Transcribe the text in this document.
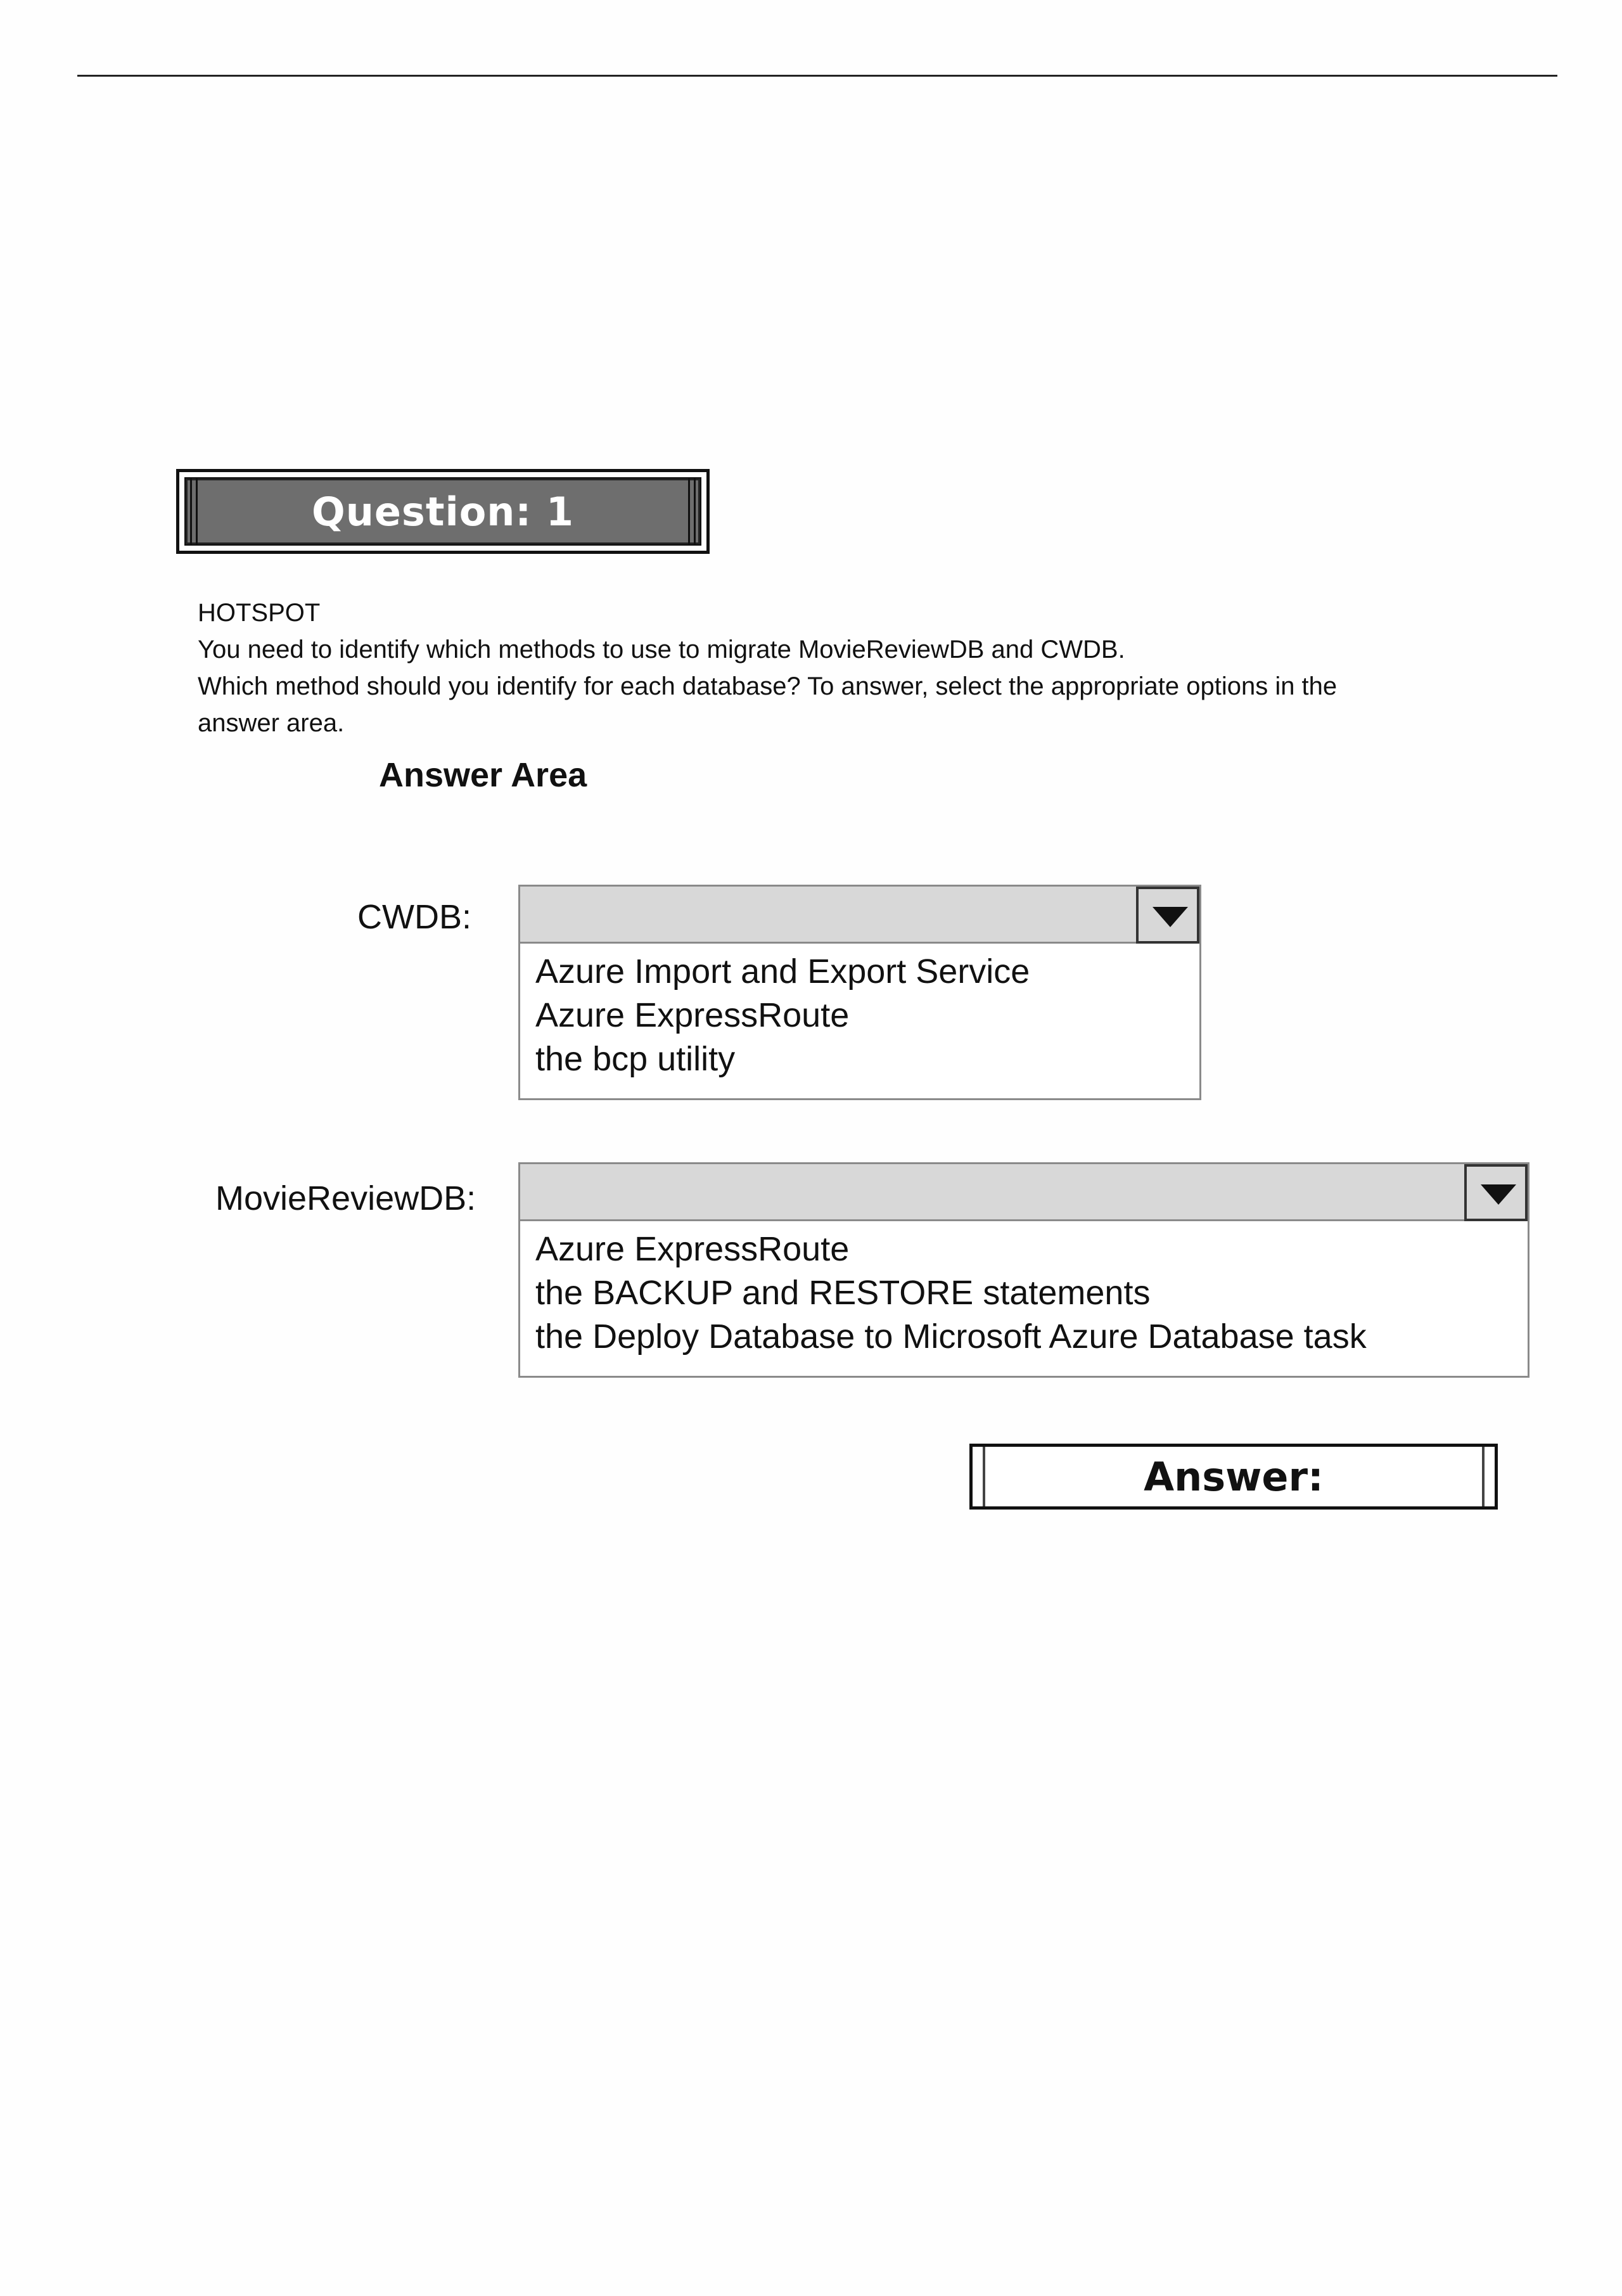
Question: 1

HOTSPOT

You need to identify which methods to use to migrate MovieReviewDB and CWDB.

Which method should you identify for each database? To answer, select the appropriate options in the

answer area.

Answer Area
CWDB:
Azure Import and Export Service
Azure ExpressRoute
the bcp utility
MovieReviewDB:
Azure ExpressRoute
the BACKUP and RESTORE statements
the Deploy Database to Microsoft Azure Database task
Answer:
